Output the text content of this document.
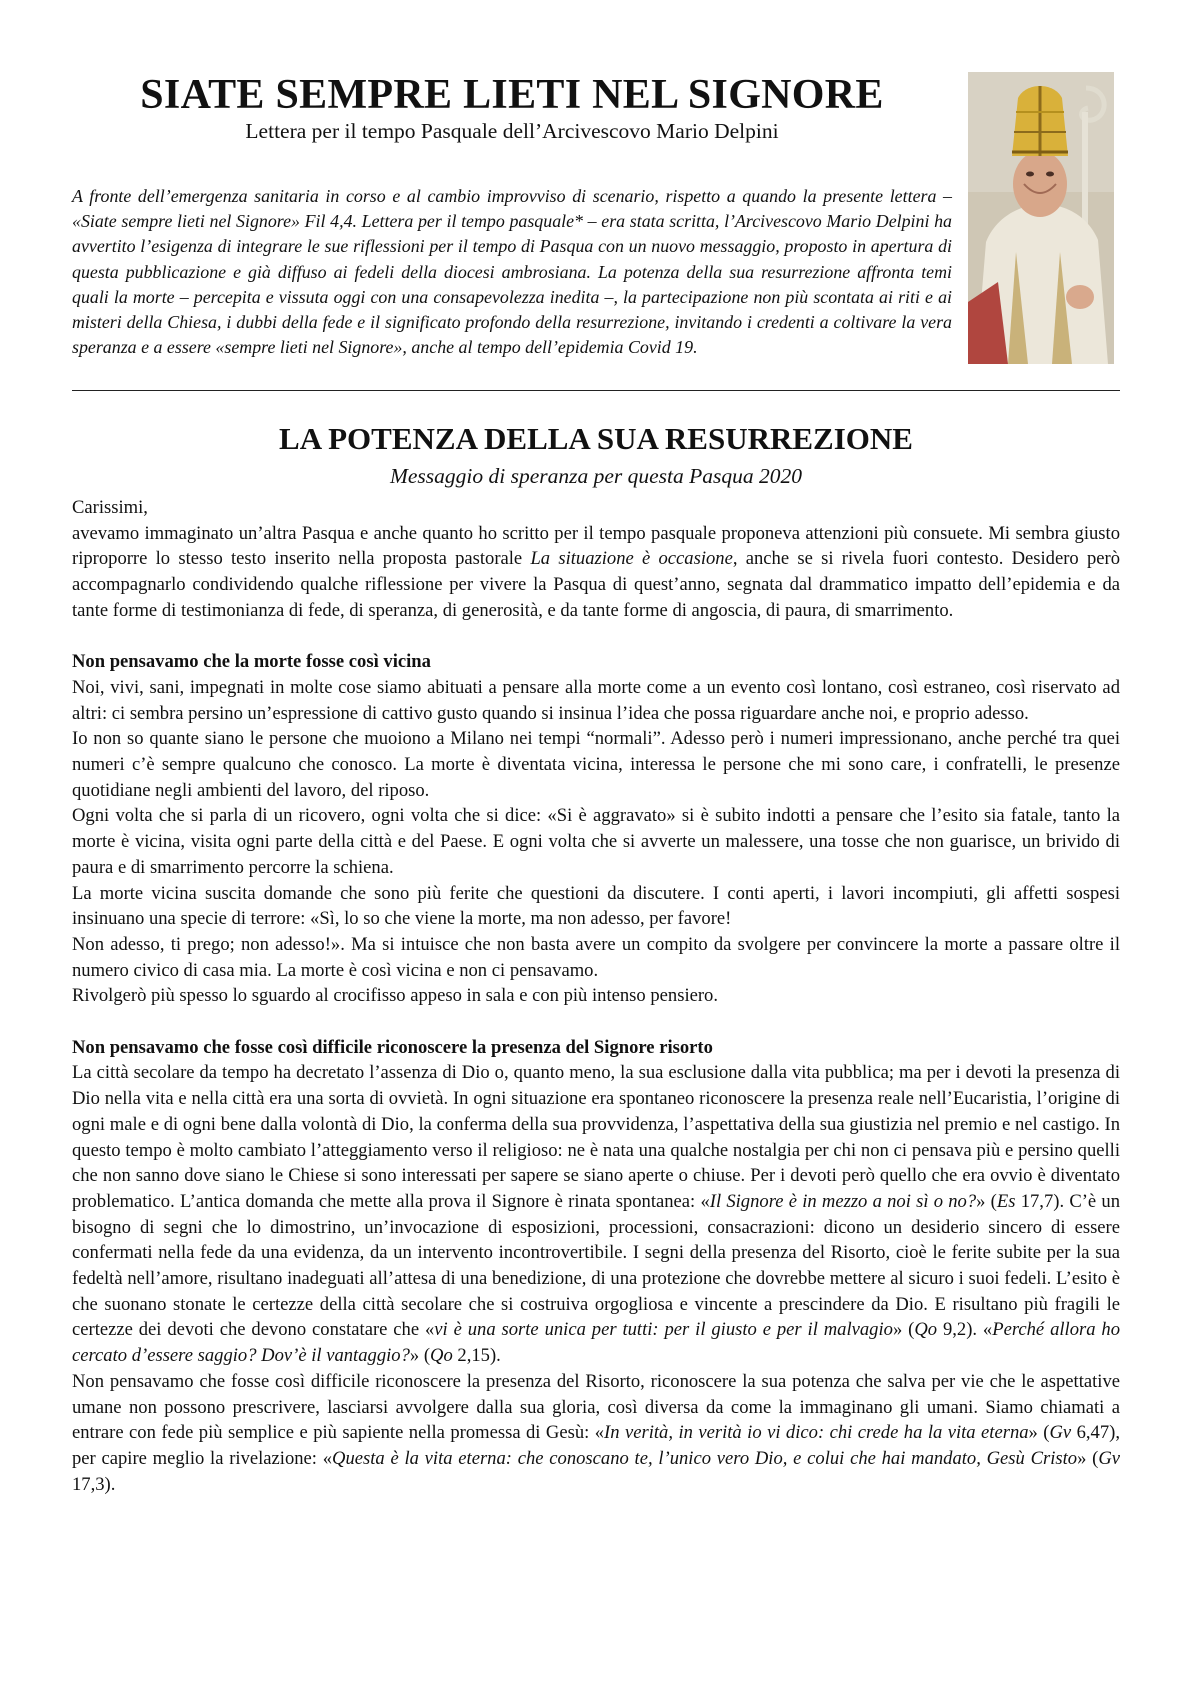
SIATE SEMPRE LIETI NEL SIGNORE

Lettera per il tempo Pasquale dell’Arcivescovo Mario Delpini

A fronte dell’emergenza sanitaria in corso e al cambio improvviso di scenario, rispetto a quando la presente lettera – «Siate sempre lieti nel Signore» Fil 4,4. Lettera per il tempo pasquale* – era stata scritta, l’Arcivescovo Mario Delpini ha avvertito l’esigenza di integrare le sue riflessioni per il tempo di Pasqua con un nuovo messaggio, proposto in apertura di questa pubblicazione e già diffuso ai fedeli della diocesi ambrosiana. La potenza della sua resurrezione affronta temi quali la morte – percepita e vissuta oggi con una consapevolezza inedita –, la partecipazione non più scontata ai riti e ai misteri della Chiesa, i dubbi della fede e il significato profondo della resurrezione, invitando i credenti a coltivare la vera speranza e a essere «sempre lieti nel Signore», anche al tempo dell’epidemia Covid 19.

LA POTENZA DELLA SUA RESURREZIONE

Messaggio di speranza per questa Pasqua 2020

Carissimi,

avevamo immaginato un’altra Pasqua e anche quanto ho scritto per il tempo pasquale proponeva attenzioni più consuete. Mi sembra giusto riproporre lo stesso testo inserito nella proposta pastorale La situazione è occasione, anche se si rivela fuori contesto. Desidero però accompagnarlo condividendo qualche riflessione per vivere la Pasqua di quest’anno, segnata dal drammatico impatto dell’epidemia e da tante forme di testimonianza di fede, di speranza, di generosità, e da tante forme di angoscia, di paura, di smarrimento.

Non pensavamo che la morte fosse così vicina

Noi, vivi, sani, impegnati in molte cose siamo abituati a pensare alla morte come a un evento così lontano, così estraneo, così riservato ad altri: ci sembra persino un’espressione di cattivo gusto quando si insinua l’idea che possa riguardare anche noi, e proprio adesso.

Io non so quante siano le persone che muoiono a Milano nei tempi “normali”. Adesso però i numeri impressionano, anche perché tra quei numeri c’è sempre qualcuno che conosco. La morte è diventata vicina, interessa le persone che mi sono care, i confratelli, le presenze quotidiane negli ambienti del lavoro, del riposo.

Ogni volta che si parla di un ricovero, ogni volta che si dice: «Si è aggravato» si è subito indotti a pensare che l’esito sia fatale, tanto la morte è vicina, visita ogni parte della città e del Paese. E ogni volta che si avverte un malessere, una tosse che non guarisce, un brivido di paura e di smarrimento percorre la schiena.

La morte vicina suscita domande che sono più ferite che questioni da discutere. I conti aperti, i lavori incompiuti, gli affetti sospesi insinuano una specie di terrore: «Sì, lo so che viene la morte, ma non adesso, per favore!

Non adesso, ti prego; non adesso!». Ma si intuisce che non basta avere un compito da svolgere per convincere la morte a passare oltre il numero civico di casa mia. La morte è così vicina e non ci pensavamo.

Rivolgerò più spesso lo sguardo al crocifisso appeso in sala e con più intenso pensiero.

Non pensavamo che fosse così difficile riconoscere la presenza del Signore risorto

La città secolare da tempo ha decretato l’assenza di Dio o, quanto meno, la sua esclusione dalla vita pubblica; ma per i devoti la presenza di Dio nella vita e nella città era una sorta di ovvietà. In ogni situazione era spontaneo riconoscere la presenza reale nell’Eucaristia, l’origine di ogni male e di ogni bene dalla volontà di Dio, la conferma della sua provvidenza, l’aspettativa della sua giustizia nel premio e nel castigo. In questo tempo è molto cambiato l’atteggiamento verso il religioso: ne è nata una qualche nostalgia per chi non ci pensava più e persino quelli che non sanno dove siano le Chiese si sono interessati per sapere se siano aperte o chiuse. Per i devoti però quello che era ovvio è diventato problematico. L’antica domanda che mette alla prova il Signore è rinata spontanea: «Il Signore è in mezzo a noi sì o no?» (Es 17,7). C’è un bisogno di segni che lo dimostrino, un’invocazione di esposizioni, processioni, consacrazioni: dicono un desiderio sincero di essere confermati nella fede da una evidenza, da un intervento incontrovertibile. I segni della presenza del Risorto, cioè le ferite subite per la sua fedeltà nell’amore, risultano inadeguati all’attesa di una benedizione, di una protezione che dovrebbe mettere al sicuro i suoi fedeli. L’esito è che suonano stonate le certezze della città secolare che si costruiva orgogliosa e vincente a prescindere da Dio. E risultano più fragili le certezze dei devoti che devono constatare che «vi è una sorte unica per tutti: per il giusto e per il malvagio» (Qo 9,2). «Perché allora ho cercato d’essere saggio? Dov’è il vantaggio?» (Qo 2,15).

Non pensavamo che fosse così difficile riconoscere la presenza del Risorto, riconoscere la sua potenza che salva per vie che le aspettative umane non possono prescrivere, lasciarsi avvolgere dalla sua gloria, così diversa da come la immaginano gli umani. Siamo chiamati a entrare con fede più semplice e più sapiente nella promessa di Gesù: «In verità, in verità io vi dico: chi crede ha la vita eterna» (Gv 6,47), per capire meglio la rivelazione: «Questa è la vita eterna: che conoscano te, l’unico vero Dio, e colui che hai mandato, Gesù Cristo» (Gv 17,3).
